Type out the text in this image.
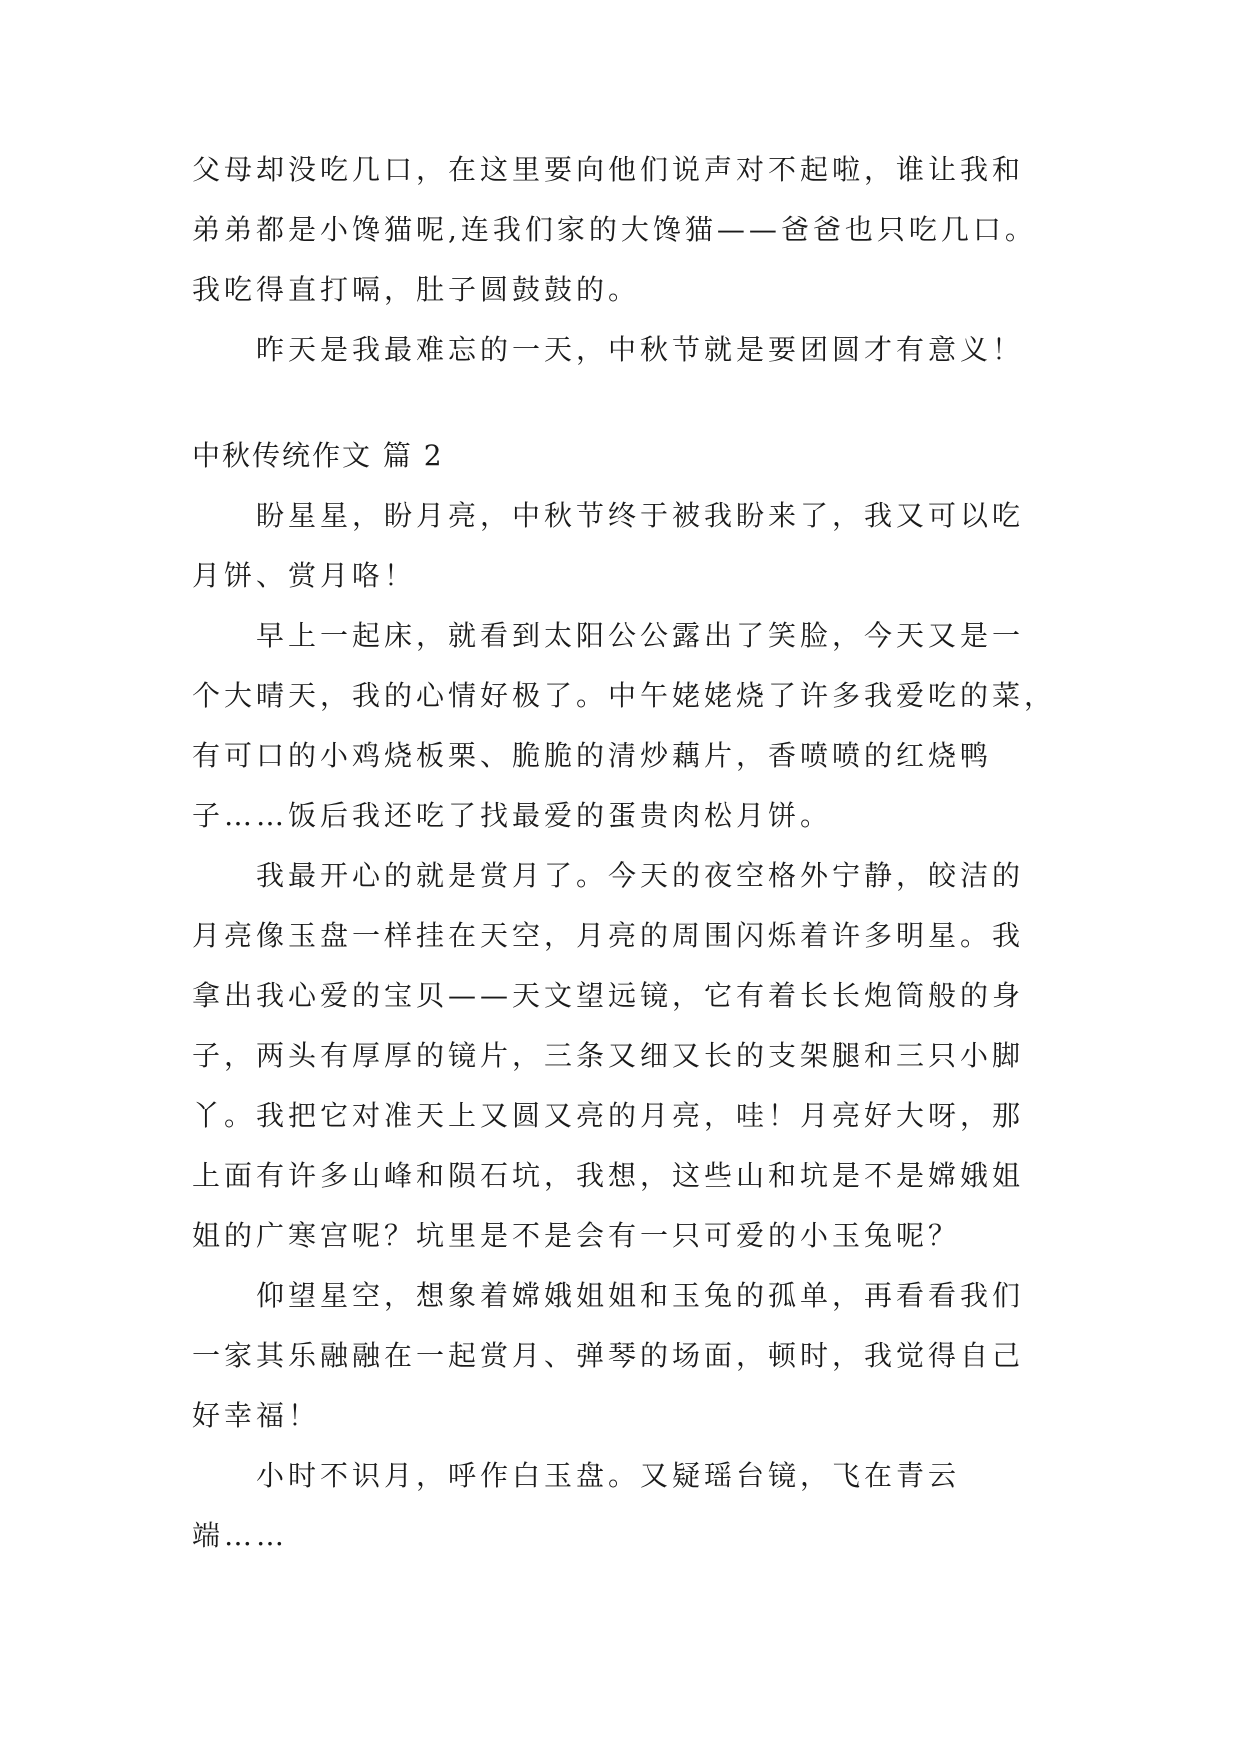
父母却没吃几口，在这里要向他们说声对不起啦，谁让我和
弟弟都是小馋猫呢,连我们家的大馋猫——爸爸也只吃几口。
我吃得直打嗝，肚子圆鼓鼓的。
昨天是我最难忘的一天，中秋节就是要团圆才有意义！
中秋传统作文 篇 2
盼星星，盼月亮，中秋节终于被我盼来了，我又可以吃
月饼、赏月咯！
早上一起床，就看到太阳公公露出了笑脸，今天又是一
个大晴天，我的心情好极了。中午姥姥烧了许多我爱吃的菜，
有可口的小鸡烧板栗、脆脆的清炒藕片，香喷喷的红烧鸭
子……饭后我还吃了找最爱的蛋贵肉松月饼。
我最开心的就是赏月了。今天的夜空格外宁静，皎洁的
月亮像玉盘一样挂在天空，月亮的周围闪烁着许多明星。我
拿出我心爱的宝贝——天文望远镜，它有着长长炮筒般的身
子，两头有厚厚的镜片，三条又细又长的支架腿和三只小脚
丫。我把它对准天上又圆又亮的月亮，哇！月亮好大呀，那
上面有许多山峰和陨石坑，我想，这些山和坑是不是嫦娥姐
姐的广寒宫呢？坑里是不是会有一只可爱的小玉兔呢？
仰望星空，想象着嫦娥姐姐和玉兔的孤单，再看看我们
一家其乐融融在一起赏月、弹琴的场面，顿时，我觉得自己
好幸福！
小时不识月，呼作白玉盘。又疑瑶台镜，飞在青云
端……
